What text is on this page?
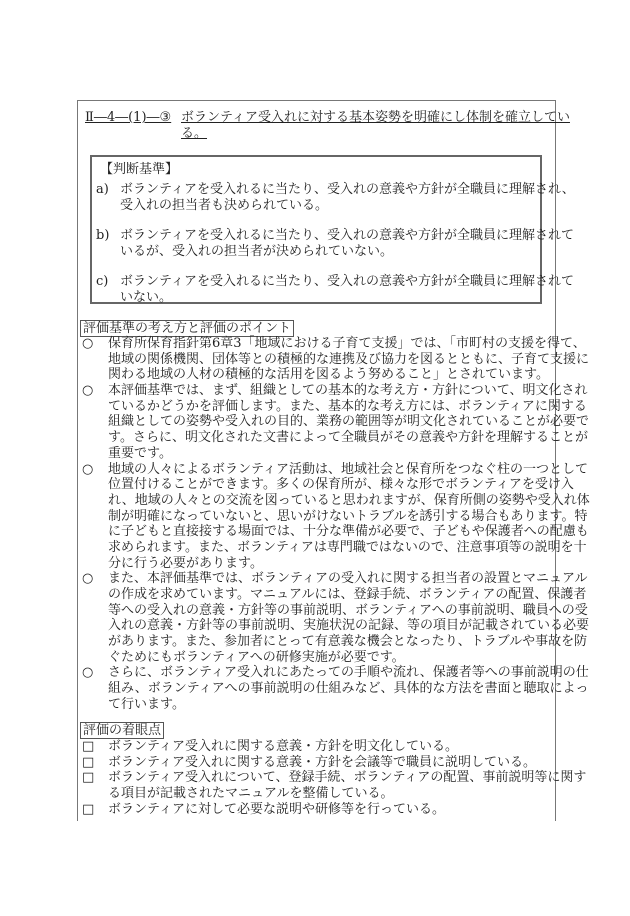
Ⅱ―4―(1)―③ ボランティア受入れに対する基本姿勢を明確にし体制を確立してい
る。
【判断基準】
a) ボランティアを受入れるに当たり、受入れの意義や方針が全職員に理解され、
受入れの担当者も決められている。
b) ボランティアを受入れるに当たり、受入れの意義や方針が全職員に理解されて
いるが、受入れの担当者が決められていない。
c) ボランティアを受入れるに当たり、受入れの意義や方針が全職員に理解されて
いない。
評価基準の考え方と評価のポイント
○	保育所保育指針第6章3「地域における子育て支援」では、「市町村の支援を得て、
地域の関係機関、団体等との積極的な連携及び協力を図るとともに、子育て支援に
関わる地域の人材の積極的な活用を図るよう努めること」とされています。
○	本評価基準では、まず、組織としての基本的な考え方・方針について、明文化され
ているかどうかを評価します。また、基本的な考え方には、ボランティアに関する
組織としての姿勢や受入れの目的、業務の範囲等が明文化されていることが必要で
す。さらに、明文化された文書によって全職員がその意義や方針を理解することが
重要です。
○	地域の人々によるボランティア活動は、地域社会と保育所をつなぐ柱の一つとして
位置付けることができます。多くの保育所が、様々な形でボランティアを受け入
れ、地域の人々との交流を図っていると思われますが、保育所側の姿勢や受入れ体
制が明確になっていないと、思いがけないトラブルを誘引する場合もあります。特
に子どもと直接接する場面では、十分な準備が必要で、子どもや保護者への配慮も
求められます。また、ボランティアは専門職ではないので、注意事項等の説明を十
分に行う必要があります。
○	また、本評価基準では、ボランティアの受入れに関する担当者の設置とマニュアル
の作成を求めています。マニュアルには、登録手続、ボランティアの配置、保護者
等への受入れの意義・方針等の事前説明、ボランティアへの事前説明、職員への受
入れの意義・方針等の事前説明、実施状況の記録、等の項目が記載されている必要
があります。また、参加者にとって有意義な機会となったり、トラブルや事故を防
ぐためにもボランティアへの研修実施が必要です。
○	さらに、ボランティア受入れにあたっての手順や流れ、保護者等への事前説明の仕
組み、ボランティアへの事前説明の仕組みなど、具体的な方法を書面と聴取によっ
て行います。
評価の着眼点
□	ボランティア受入れに関する意義・方針を明文化している。
□	ボランティア受入れに関する意義・方針を会議等で職員に説明している。
□	ボランティア受入れについて、登録手続、ボランティアの配置、事前説明等に関す
る項目が記載されたマニュアルを整備している。
□	ボランティアに対して必要な説明や研修等を行っている。
